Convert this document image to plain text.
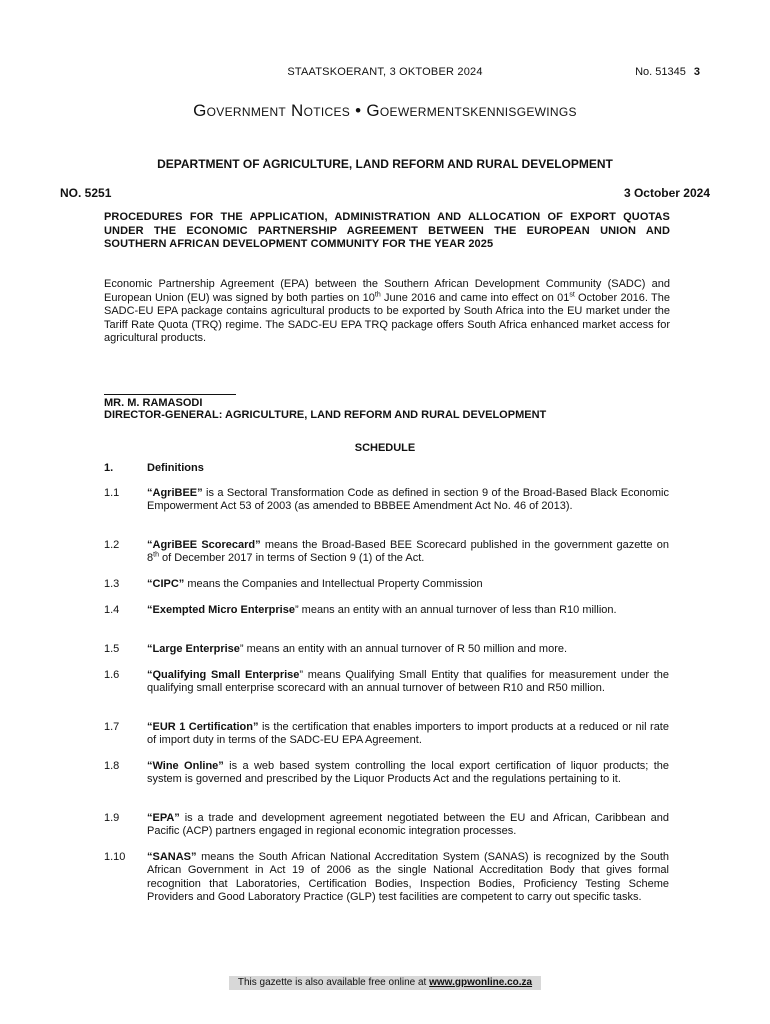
STAATSKOERANT, 3 OKTOBER 2024	No. 51345 3
Government Notices • Goewermentskennisgewings
DEPARTMENT OF AGRICULTURE, LAND REFORM AND RURAL DEVELOPMENT
NO. 5251	3 October 2024
PROCEDURES FOR THE APPLICATION, ADMINISTRATION AND ALLOCATION OF EXPORT QUOTAS UNDER THE ECONOMIC PARTNERSHIP AGREEMENT BETWEEN THE EUROPEAN UNION AND SOUTHERN AFRICAN DEVELOPMENT COMMUNITY FOR THE YEAR 2025
Economic Partnership Agreement (EPA) between the Southern African Development Community (SADC) and European Union (EU) was signed by both parties on 10th June 2016 and came into effect on 01st October 2016. The SADC-EU EPA package contains agricultural products to be exported by South Africa into the EU market under the Tariff Rate Quota (TRQ) regime. The SADC-EU EPA TRQ package offers South Africa enhanced market access for agricultural products.
MR. M. RAMASODI
DIRECTOR-GENERAL: AGRICULTURE, LAND REFORM AND RURAL DEVELOPMENT
SCHEDULE
1.	Definitions
1.1	“AgriBEE” is a Sectoral Transformation Code as defined in section 9 of the Broad-Based Black Economic Empowerment Act 53 of 2003 (as amended to BBBEE Amendment Act No. 46 of 2013).
1.2	“AgriBEE Scorecard” means the Broad-Based BEE Scorecard published in the government gazette on 8th of December 2017 in terms of Section 9 (1) of the Act.
1.3	“CIPC” means the Companies and Intellectual Property Commission
1.4	“Exempted Micro Enterprise” means an entity with an annual turnover of less than R10 million.
1.5	“Large Enterprise” means an entity with an annual turnover of R 50 million and more.
1.6	“Qualifying Small Enterprise” means Qualifying Small Entity that qualifies for measurement under the qualifying small enterprise scorecard with an annual turnover of between R10 and R50 million.
1.7	“EUR 1 Certification” is the certification that enables importers to import products at a reduced or nil rate of import duty in terms of the SADC-EU EPA Agreement.
1.8	“Wine Online” is a web based system controlling the local export certification of liquor products; the system is governed and prescribed by the Liquor Products Act and the regulations pertaining to it.
1.9	“EPA” is a trade and development agreement negotiated between the EU and African, Caribbean and Pacific (ACP) partners engaged in regional economic integration processes.
1.10 “SANAS” means the South African National Accreditation System (SANAS) is recognized by the South African Government in Act 19 of 2006 as the single National Accreditation Body that gives formal recognition that Laboratories, Certification Bodies, Inspection Bodies, Proficiency Testing Scheme Providers and Good Laboratory Practice (GLP) test facilities are competent to carry out specific tasks.
This gazette is also available free online at www.gpwonline.co.za
